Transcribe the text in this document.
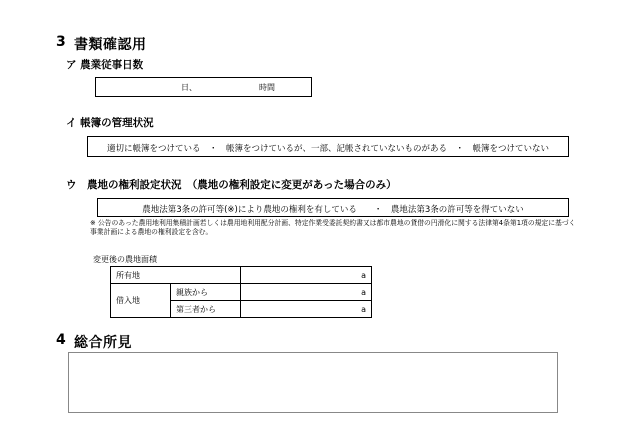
3 書類確認用
ア 農業従事日数
日、	時間
イ 帳簿の管理状況
適切に帳簿をつけている　・　帳簿をつけているが、一部、記帳されていないものがある　・　帳簿をつけていない
ウ　農地の権利設定状況　（農地の権利設定に変更があった場合のみ）
農地法第3条の許可等(※)により農地の権利を有している　　・　農地法第3条の許可等を得ていない
※ 公告のあった農用地利用集積計画若しくは農用地利用配分計画、特定作業受委託契約書又は都市農地の貸借の円滑化に関する法律第4条第1項の規定に基づく事業計画による農地の権利設定を含む。
変更後の農地面積
所有地		a
借入地	親族から	a
	第三者から	a
4 総合所見
